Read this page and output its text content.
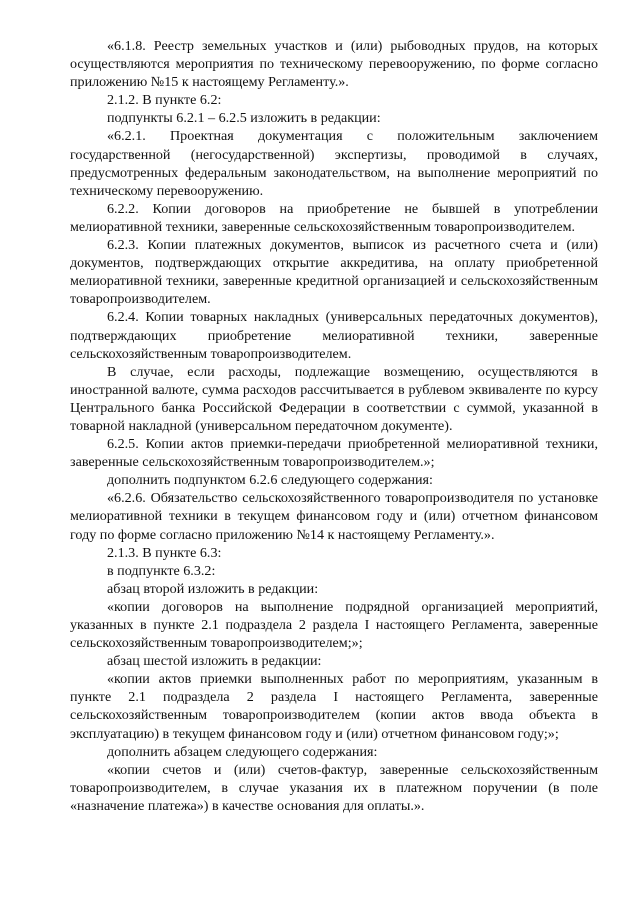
«6.1.8. Реестр земельных участков и (или) рыбоводных прудов, на которых осуществляются мероприятия по техническому перевооружению, по форме согласно приложению №15 к настоящему Регламенту.».

2.1.2. В пункте 6.2:

подпункты 6.2.1 – 6.2.5 изложить в редакции:

«6.2.1. Проектная документация с положительным заключением государственной (негосударственной) экспертизы, проводимой в случаях, предусмотренных федеральным законодательством, на выполнение мероприятий по техническому перевооружению.

6.2.2. Копии договоров на приобретение не бывшей в употреблении мелиоративной техники, заверенные сельскохозяйственным товаропроизводителем.

6.2.3. Копии платежных документов, выписок из расчетного счета и (или) документов, подтверждающих открытие аккредитива, на оплату приобретенной мелиоративной техники, заверенные кредитной организацией и сельскохозяйственным товаропроизводителем.

6.2.4. Копии товарных накладных (универсальных передаточных документов), подтверждающих приобретение мелиоративной техники, заверенные сельскохозяйственным товаропроизводителем.

В случае, если расходы, подлежащие возмещению, осуществляются в иностранной валюте, сумма расходов рассчитывается в рублевом эквиваленте по курсу Центрального банка Российской Федерации в соответствии с суммой, указанной в товарной накладной (универсальном передаточном документе).

6.2.5. Копии актов приемки-передачи приобретенной мелиоративной техники, заверенные сельскохозяйственным товаропроизводителем.»;

дополнить подпунктом 6.2.6 следующего содержания:

«6.2.6. Обязательство сельскохозяйственного товаропроизводителя по установке мелиоративной техники в текущем финансовом году и (или) отчетном финансовом году по форме согласно приложению №14 к настоящему Регламенту.».

2.1.3. В пункте 6.3:

в подпункте 6.3.2:

абзац второй изложить в редакции:

«копии договоров на выполнение подрядной организацией мероприятий, указанных в пункте 2.1 подраздела 2 раздела I настоящего Регламента, заверенные сельскохозяйственным товаропроизводителем;»;

абзац шестой изложить в редакции:

«копии актов приемки выполненных работ по мероприятиям, указанным в пункте 2.1 подраздела 2 раздела I настоящего Регламента, заверенные сельскохозяйственным товаропроизводителем (копии актов ввода объекта в эксплуатацию) в текущем финансовом году и (или) отчетном финансовом году;»;

дополнить абзацем следующего содержания:

«копии счетов и (или) счетов-фактур, заверенные сельскохозяйственным товаропроизводителем, в случае указания их в платежном поручении (в поле «назначение платежа») в качестве основания для оплаты.».
